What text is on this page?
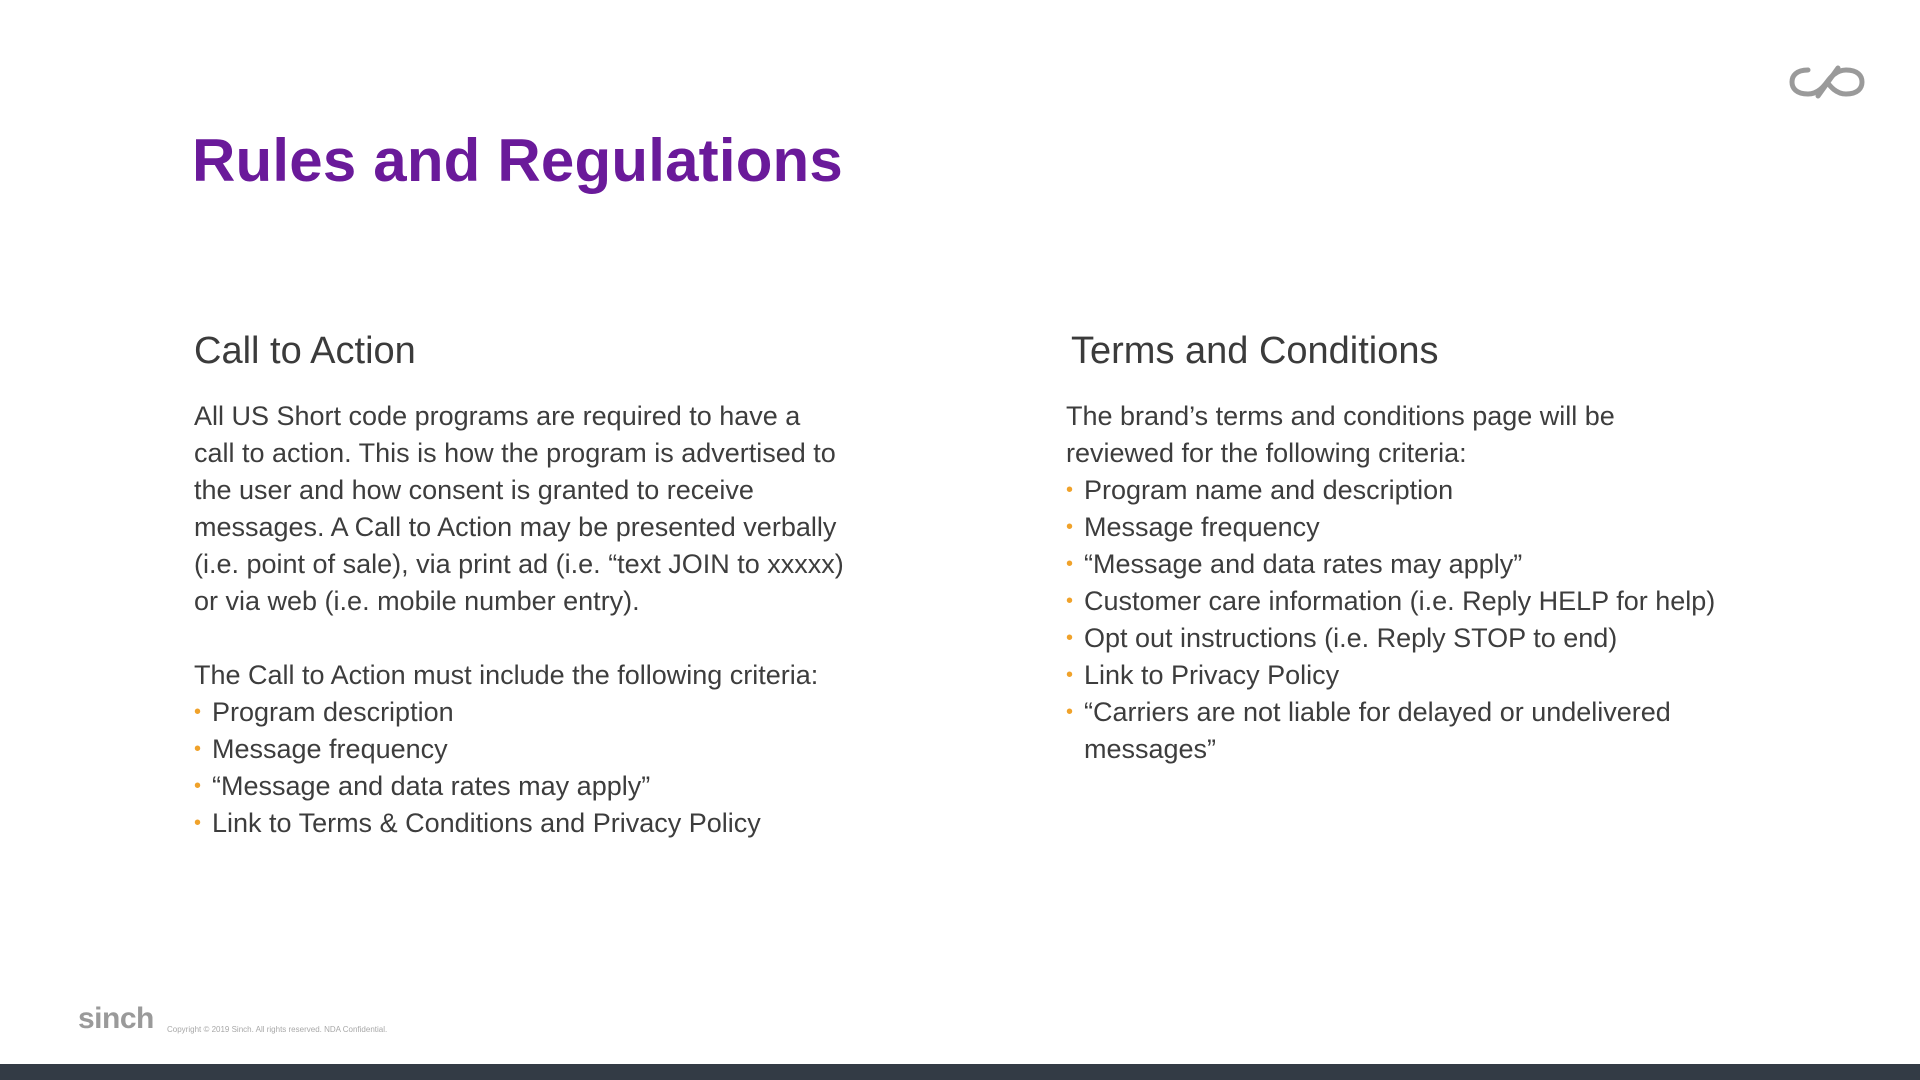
Rules and Regulations
Call to Action

All US Short code programs are required to have a
call to action. This is how the program is advertised to
the user and how consent is granted to receive
messages. A Call to Action may be presented verbally
(i.e. point of sale), via print ad (i.e. “text JOIN to xxxxx)
or via web (i.e. mobile number entry).

The Call to Action must include the following criteria:

• Program description
• Message frequency
• “Message and data rates may apply”
• Link to Terms & Conditions and Privacy Policy
Terms and Conditions

The brand’s terms and conditions page will be
reviewed for the following criteria:

• Program name and description
• Message frequency
• “Message and data rates may apply”
• Customer care information (i.e. Reply HELP for help)
• Opt out instructions (i.e. Reply STOP to end)
• Link to Privacy Policy
• “Carriers are not liable for delayed or undelivered messages”
sinch Copyright © 2019 Sinch. All rights reserved. NDA Confidential.
